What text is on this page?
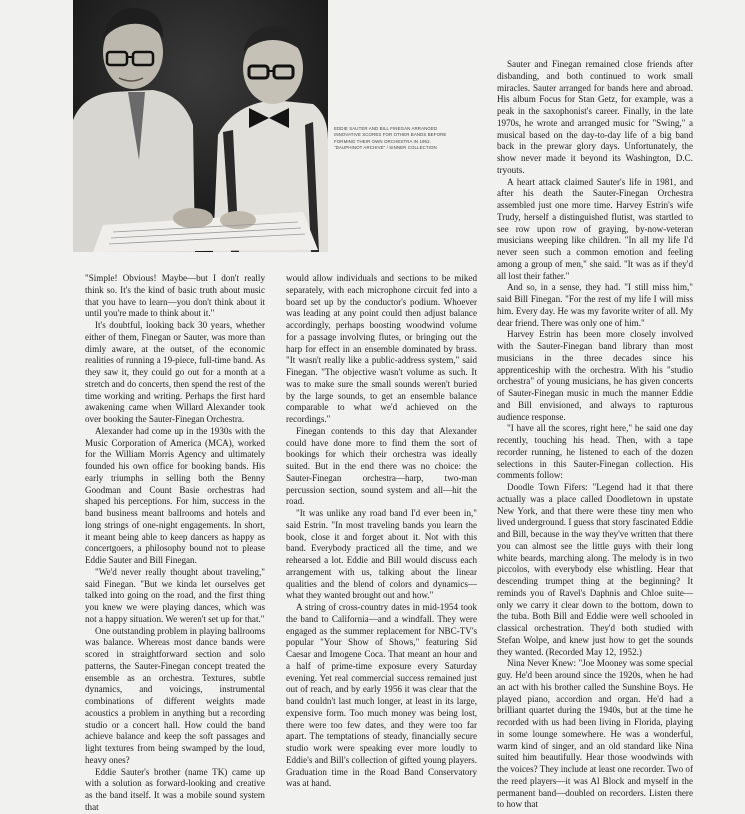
EDDIE SAUTER AND BILL FINEGAN ARRANGED INNOVATIVE SCORES FOR OTHER BANDS BEFORE FORMING THEIR OWN ORCHESTRA IN 1952. "DAUPHINOT ARCHIVE" / SINNER COLLECTION

"Simple! Obvious! Maybe—but I don't really think so. It's the kind of basic truth about music that you have to learn—you don't think about it until you're made to think about it."

It's doubtful, looking back 30 years, whether either of them, Finegan or Sauter, was more than dimly aware, at the outset, of the economic realities of running a 19-piece, full-time band. As they saw it, they could go out for a month at a stretch and do concerts, then spend the rest of the time working and writing. Perhaps the first hard awakening came when Willard Alexander took over booking the Sauter-Finegan Orchestra.

Alexander had come up in the 1930s with the Music Corporation of America (MCA), worked for the William Morris Agency and ultimately founded his own office for booking bands. His early triumphs in selling both the Benny Goodman and Count Basie orchestras had shaped his perceptions. For him, success in the band business meant ballrooms and hotels and long strings of one-night engagements. In short, it meant being able to keep dancers as happy as concertgoers, a philosophy bound not to please Eddie Sauter and Bill Finegan.

"We'd never really thought about traveling," said Finegan. "But we kinda let ourselves get talked into going on the road, and the first thing you knew we were playing dances, which was not a happy situation. We weren't set up for that."

One outstanding problem in playing ballrooms was balance. Whereas most dance bands were scored in straightforward section and solo patterns, the Sauter-Finegan concept treated the ensemble as an orchestra. Textures, subtle dynamics, and voicings, instrumental combinations of different weights made acoustics a problem in anything but a recording studio or a concert hall. How could the band achieve balance and keep the soft passages and light textures from being swamped by the loud, heavy ones?

Eddie Sauter's brother (name TK) came up with a solution as forward-looking and creative as the band itself. It was a mobile sound system that

would allow individuals and sections to be miked separately, with each microphone circuit fed into a board set up by the conductor's podium. Whoever was leading at any point could then adjust balance accordingly, perhaps boosting woodwind volume for a passage involving flutes, or bringing out the harp for effect in an ensemble dominated by brass. "It wasn't really like a public-address system," said Finegan. "The objective wasn't volume as such. It was to make sure the small sounds weren't buried by the large sounds, to get an ensemble balance comparable to what we'd achieved on the recordings."

Finegan contends to this day that Alexander could have done more to find them the sort of bookings for which their orchestra was ideally suited. But in the end there was no choice: the Sauter-Finegan orchestra—harp, two-man percussion section, sound system and all—hit the road.

"It was unlike any road band I'd ever been in," said Estrin. "In most traveling bands you learn the book, close it and forget about it. Not with this band. Everybody practiced all the time, and we rehearsed a lot. Eddie and Bill would discuss each arrangement with us, talking about the linear qualities and the blend of colors and dynamics—what they wanted brought out and how."

A string of cross-country dates in mid-1954 took the band to California—and a windfall. They were engaged as the summer replacement for NBC-TV's popular "Your Show of Shows," featuring Sid Caesar and Imogene Coca. That meant an hour and a half of prime-time exposure every Saturday evening. Yet real commercial success remained just out of reach, and by early 1956 it was clear that the band couldn't last much longer, at least in its large, expensive form. Too much money was being lost, there were too few dates, and they were too far apart. The temptations of steady, financially secure studio work were speaking ever more loudly to Eddie's and Bill's collection of gifted young players. Graduation time in the Road Band Conservatory was at hand.

Sauter and Finegan remained close friends after disbanding, and both continued to work small miracles. Sauter arranged for bands here and abroad. His album Focus for Stan Getz, for example, was a peak in the saxophonist's career. Finally, in the late 1970s, he wrote and arranged music for "Swing," a musical based on the day-to-day life of a big band back in the prewar glory days. Unfortunately, the show never made it beyond its Washington, D.C. tryouts.

A heart attack claimed Sauter's life in 1981, and after his death the Sauter-Finegan Orchestra assembled just one more time. Harvey Estrin's wife Trudy, herself a distinguished flutist, was startled to see row upon row of graying, by-now-veteran musicians weeping like children. "In all my life I'd never seen such a common emotion and feeling among a group of men," she said. "It was as if they'd all lost their father."

And so, in a sense, they had. "I still miss him," said Bill Finegan. "For the rest of my life I will miss him. Every day. He was my favorite writer of all. My dear friend. There was only one of him."

Harvey Estrin has been more closely involved with the Sauter-Finegan band library than most musicians in the three decades since his apprenticeship with the orchestra. With his "studio orchestra" of young musicians, he has given concerts of Sauter-Finegan music in much the manner Eddie and Bill envisioned, and always to rapturous audience response.

"I have all the scores, right here," he said one day recently, touching his head. Then, with a tape recorder running, he listened to each of the dozen selections in this Sauter-Finegan collection. His comments follow:

Doodle Town Fifers: "Legend had it that there actually was a place called Doodletown in upstate New York, and that there were these tiny men who lived underground. I guess that story fascinated Eddie and Bill, because in the way they've written that there you can almost see the little guys with their long white beards, marching along. The melody is in two piccolos, with everybody else whistling. Hear that descending trumpet thing at the beginning? It reminds you of Ravel's Daphnis and Chloe suite—only we carry it clear down to the bottom, down to the tuba. Both Bill and Eddie were well schooled in classical orchestration. They'd both studied with Stefan Wolpe, and knew just how to get the sounds they wanted. (Recorded May 12, 1952.)

Nina Never Knew: "Joe Mooney was some special guy. He'd been around since the 1920s, when he had an act with his brother called the Sunshine Boys. He played piano, accordion and organ. He'd had a brilliant quartet during the 1940s, but at the time he recorded with us had been living in Florida, playing in some lounge somewhere. He was a wonderful, warm kind of singer, and an old standard like Nina suited him beautifully. Hear those woodwinds with the voices? They include at least one recorder. Two of the reed players—it was Al Block and myself in the permanent band—doubled on recorders. Listen there to how that
